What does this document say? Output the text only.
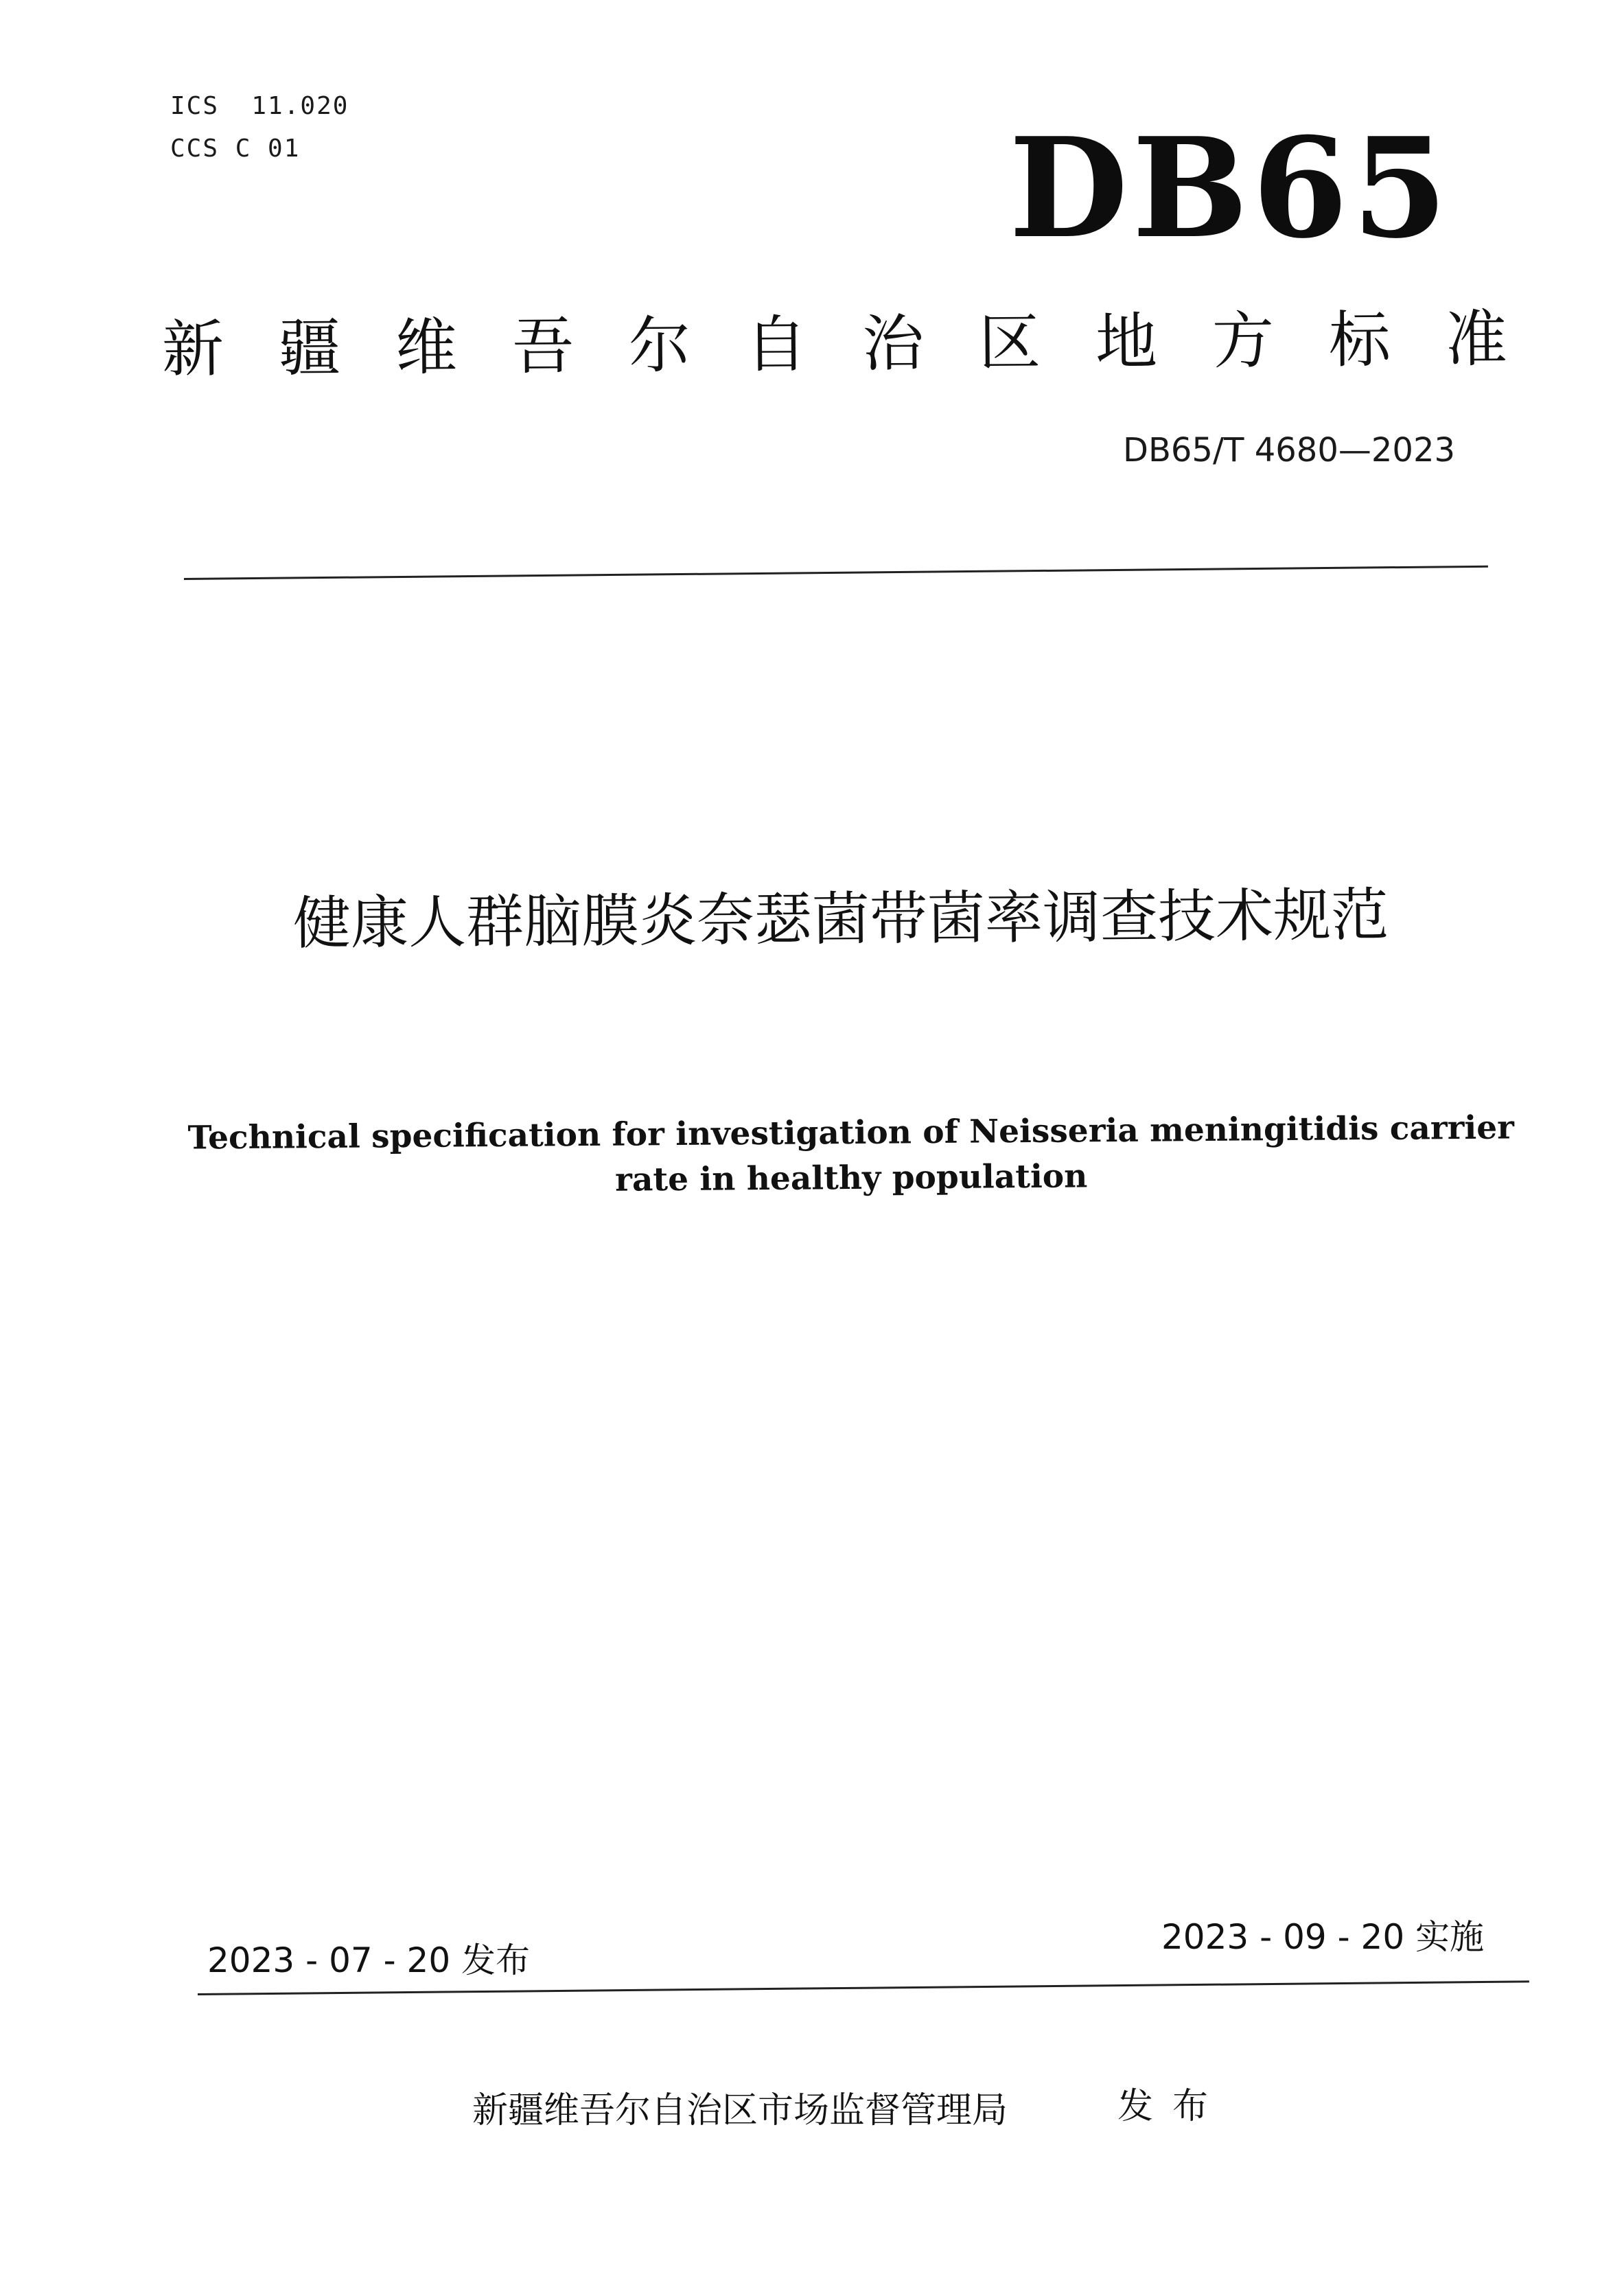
ICS  11.020
CCS C 01	DB65
新疆维吾尔自治区地方标准
DB65/T 4680—2023
健康人群脑膜炎奈瑟菌带菌率调查技术规范
Technical specification for investigation of Neisseria meningitidis carrier rate in healthy population
2023 - 07 - 20 发布
2023 - 09 - 20 实施
新疆维吾尔自治区市场监督管理局	发布
